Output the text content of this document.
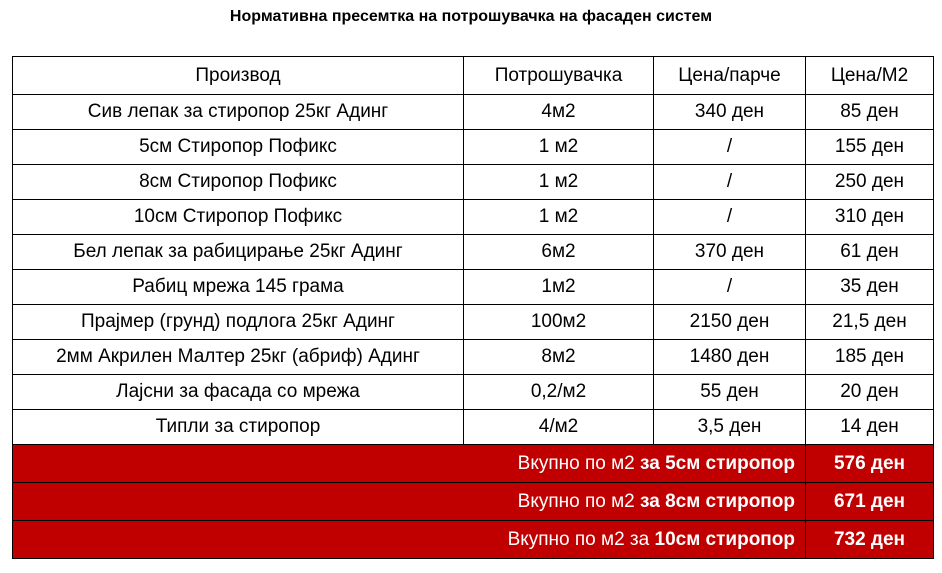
Нормативна пресемтка на потрошувачка на фасаден систем
Производ	Потрошувачка	Цена/парче	Цена/М2
Сив лепак за стиропор 25кг Адинг	4м2	340 ден	85 ден
5см Стиропор Пофикс	1 м2	/	155 ден
8см Стиропор Пофикс	1 м2	/	250 ден
10см Стиропор Пофикс	1 м2	/	310 ден
Бел лепак за рабицирање 25кг Адинг	6м2	370 ден	61 ден
Рабиц мрежа 145 грама	1м2	/	35 ден
Прајмер (грунд) подлога 25кг Адинг	100м2	2150 ден	21,5 ден
2мм Акрилен Малтер 25кг (абриф) Адинг	8м2	1480 ден	185 ден
Лајсни за фасада со мрежа	0,2/м2	55 ден	20 ден
Типли за стиропор	4/м2	3,5 ден	14 ден
Вкупно по м2 за 5см стиропор			576 ден
Вкупно по м2 за 8см стиропор			671 ден
Вкупно по м2 за 10см стиропор			732 ден
